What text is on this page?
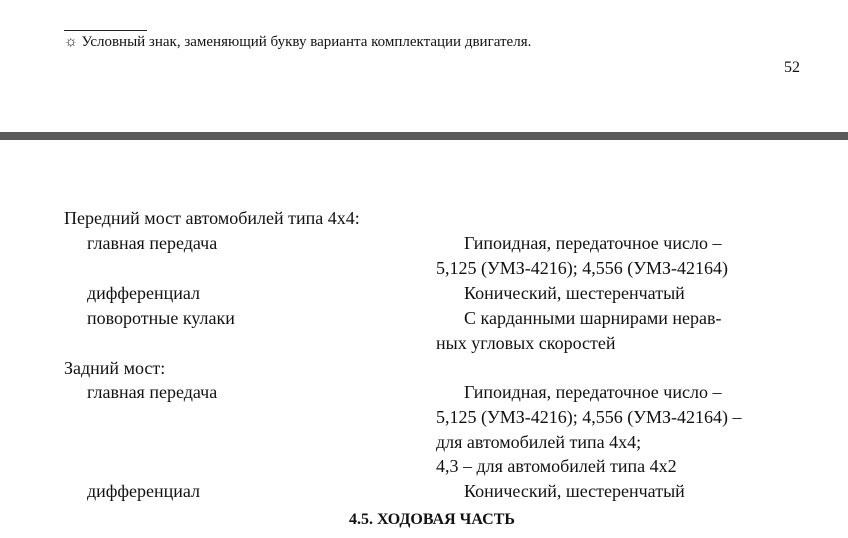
☼ Условный знак, заменяющий букву варианта комплектации двигателя.
52
Передний мост автомобилей типа 4х4:
главная передача	Гипоидная, передаточное число –
5,125 (УМЗ-4216); 4,556 (УМЗ-42164)
дифференциал	Конический, шестеренчатый
поворотные кулаки	С карданными шарнирами нерав-
ных угловых скоростей
Задний мост:
главная передача	Гипоидная, передаточное число –
5,125 (УМЗ-4216); 4,556 (УМЗ-42164) –
для автомобилей типа 4х4;
4,3 – для автомобилей типа 4х2
дифференциал	Конический, шестеренчатый
4.5. ХОДОВАЯ ЧАСТЬ
